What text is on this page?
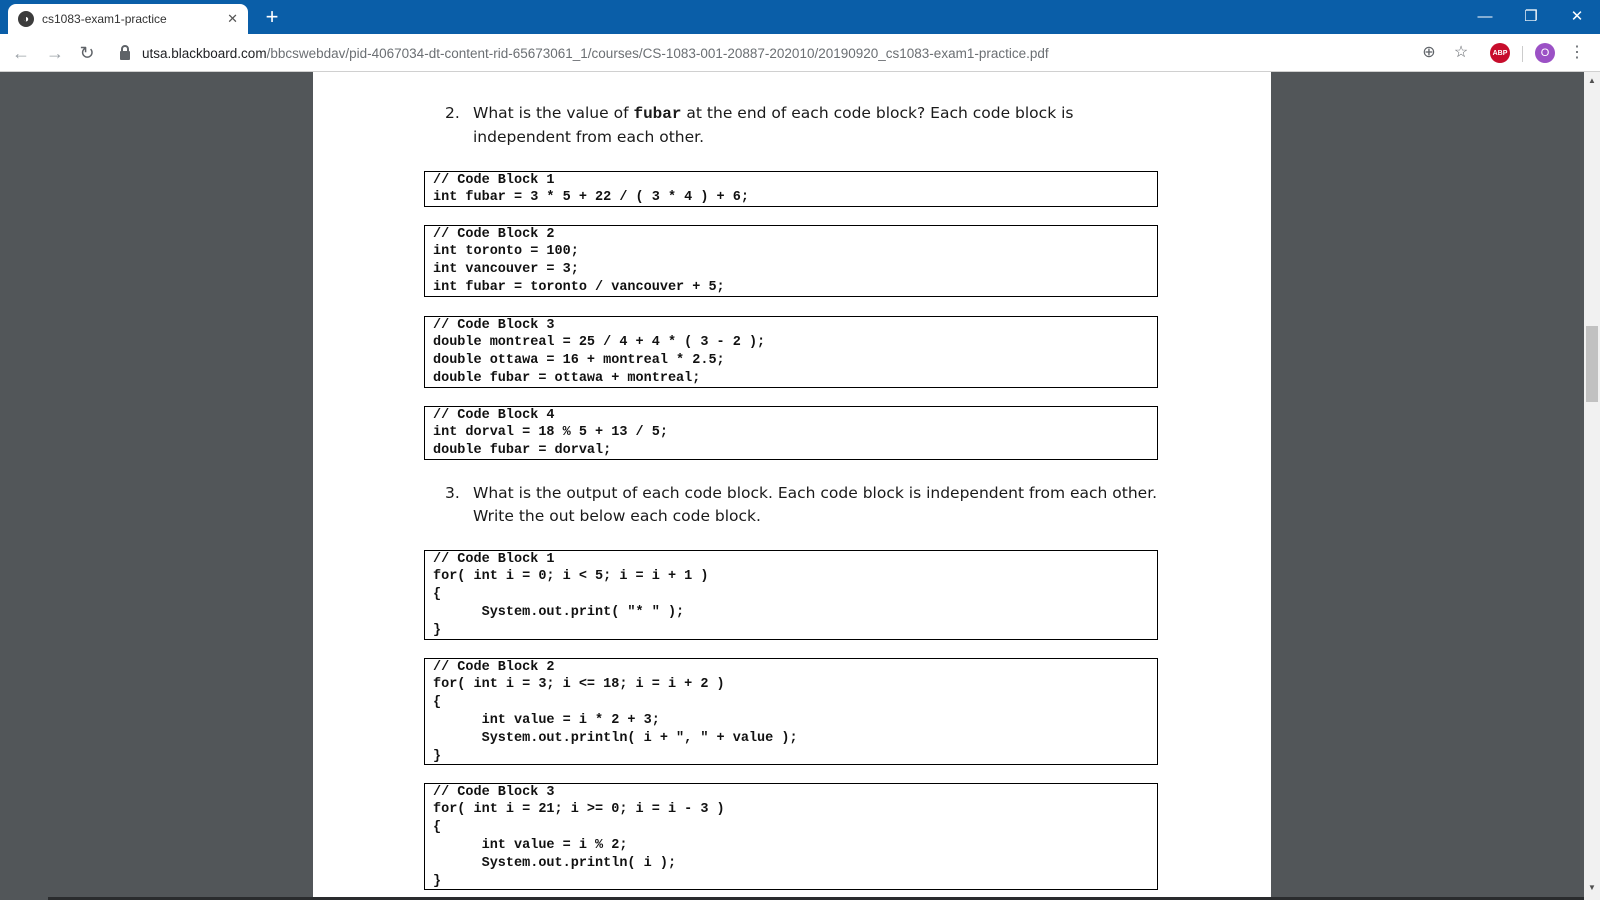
◑	cs1083-exam1-practice	✕ +	—	❐	✕
← → ↻	utsa.blackboard.com/bbcswebdav/pid-4067034-dt-content-rid-65673061_1/courses/CS-1083-001-20887-202010/20190920_cs1083-exam1-practice.pdf	⊕ ☆	ABP	O	⋮
2. What is the value of fubar at the end of each code block? Each code block is independent from each other.
// Code Block 1
int fubar = 3 * 5 + 22 / ( 3 * 4 ) + 6;
// Code Block 2
int toronto = 100;
int vancouver = 3;
int fubar = toronto / vancouver + 5;
// Code Block 3
double montreal = 25 / 4 + 4 * ( 3 - 2 );
double ottawa = 16 + montreal * 2.5;
double fubar = ottawa + montreal;
// Code Block 4
int dorval = 18 % 5 + 13 / 5;
double fubar = dorval;
3. What is the output of each code block. Each code block is independent from each other. Write the out below each code block.
// Code Block 1
for( int i = 0; i < 5; i = i + 1 )
{
System.out.print( "* " );
}
// Code Block 2
for( int i = 3; i <= 18; i = i + 2 )
{
int value = i * 2 + 3;
System.out.println( i + ", " + value );
}
// Code Block 3
for( int i = 21; i >= 0; i = i - 3 )
{
int value = i % 2;
System.out.println( i );
}
▲
▼
